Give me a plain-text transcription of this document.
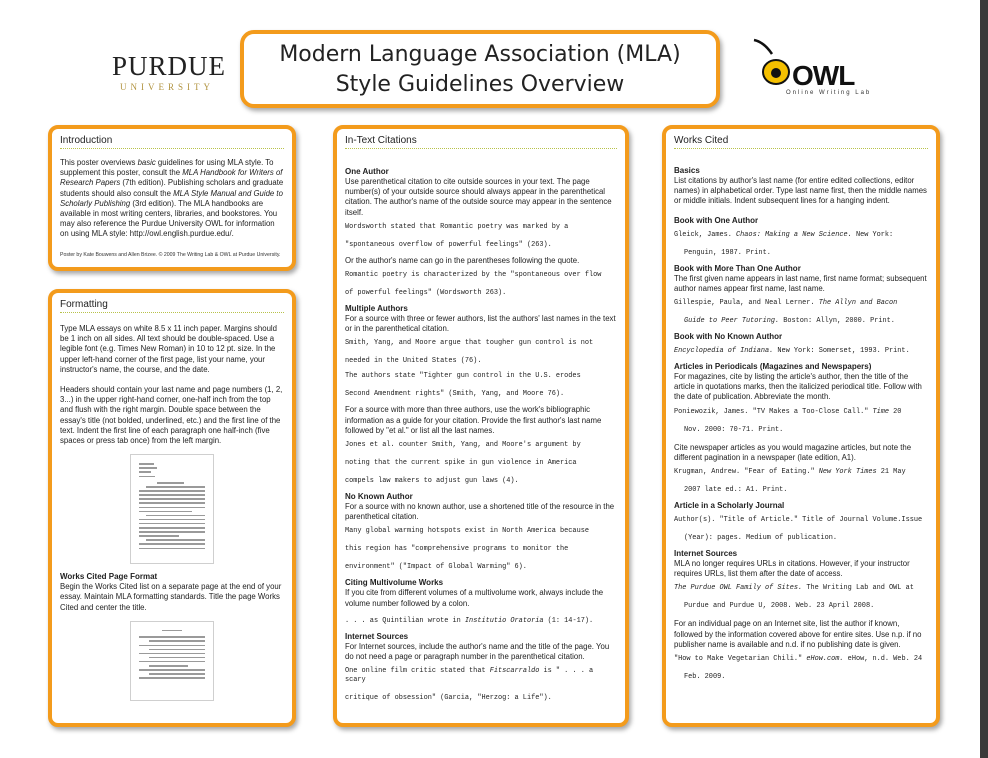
PURDUE
UNIVERSITY
Modern Language Association (MLA)
Style Guidelines Overview	OWL
Online Writing Lab
Introduction

This poster overviews basic guidelines for using MLA style. To supplement this poster, consult the MLA Handbook for Writers of Research Papers (7th edition). Publishing scholars and graduate students should also consult the MLA Style Manual and Guide to Scholarly Publishing (3rd edition). The MLA handbooks are available in most writing centers, libraries, and bookstores. You may also reference the Purdue University OWL for information on using MLA style: http://owl.english.purdue.edu/.

Poster by Kate Bouwens and Allen Brizee. © 2009 The Writing Lab & OWL at Purdue University.
Formatting

Type MLA essays on white 8.5 x 11 inch paper. Margins should be 1 inch on all sides. All text should be double-spaced. Use a legible font (e.g. Times New Roman) in 10 to 12 pt. size. In the upper left-hand corner of the first page, list your name, your instructor's name, the course, and the date.

Headers should contain your last name and page numbers (1, 2, 3...) in the upper right-hand corner, one-half inch from the top and flush with the right margin. Double space between the essay's title (not bolded, underlined, etc.) and the first line of the text. Indent the first line of each paragraph one half-inch (five spaces or press tab once) from the left margin.

Works Cited Page Format

Begin the Works Cited list on a separate page at the end of your essay. Maintain MLA formatting standards. Title the page Works Cited and center the title.

In-Text Citations
One Author

Use parenthetical citation to cite outside sources in your text. The page number(s) of your outside source should always appear in the parenthetical citation. The author's name of the outside source may appear in the sentence itself.

Wordsworth stated that Romantic poetry was marked by a
"spontaneous overflow of powerful feelings" (263).

Or the author's name can go in the parentheses following the quote.

Romantic poetry is characterized by the "spontaneous over flow
of powerful feelings" (Wordsworth 263).
Multiple Authors

For a source with three or fewer authors, list the authors' last names in the text or in the parenthetical citation.

Smith, Yang, and Moore argue that tougher gun control is not
needed in the United States (76).
The authors state "Tighter gun control in the U.S. erodes
Second Amendment rights" (Smith, Yang, and Moore 76).

For a source with more than three authors, use the work's bibliographic information as a guide for your citation. Provide the first author's last name followed by "et al." or list all the last names.

Jones et al. counter Smith, Yang, and Moore's argument by
noting that the current spike in gun violence in America
compels law makers to adjust gun laws (4).
No Known Author

For a source with no known author, use a shortened title of the resource in the parenthetical citation.

Many global warming hotspots exist in North America because
this region has "comprehensive programs to monitor the
environment" ("Impact of Global Warming" 6).
Citing Multivolume Works

If you cite from different volumes of a multivolume work, always include the volume number followed by a colon.

. . . as Quintilian wrote in Institutio Oratoria (1: 14-17).
Internet Sources

For Internet sources, include the author's name and the title of the page. You do not need a page or paragraph number in the parenthetical citation.

One online film critic stated that Fitscarraldo is " . . . a scary
critique of obsession" (Garcia, "Herzog: a Life").
Works Cited
Basics

List citations by author's last name (for entire edited collections, editor names) in alphabetical order. Type last name first, then the middle names or middle initials. Indent subsequent lines for a hanging indent.

Book with One Author
Gleick, James. Chaos: Making a New Science. New York:
Penguin, 1987. Print.
Book with More Than One Author

The first given name appears in last name, first name format; subsequent author names appear first name, last name.

Gillespie, Paula, and Neal Lerner. The Allyn and Bacon
Guide to Peer Tutoring. Boston: Allyn, 2000. Print.
Book with No Known Author
Encyclopedia of Indiana. New York: Somerset, 1993. Print.
Articles in Periodicals (Magazines and Newspapers)

For magazines, cite by listing the article's author, then the title of the article in quotations marks, then the italicized periodical title. Follow with the date of publication. Abbreviate the month.

Poniewozik, James. "TV Makes a Too-Close Call." Time 20
Nov. 2000: 70-71. Print.

Cite newspaper articles as you would magazine articles, but note the different pagination in a newspaper (late edition, A1).

Krugman, Andrew. "Fear of Eating." New York Times 21 May
2007 late ed.: A1. Print.
Article in a Scholarly Journal
Author(s). "Title of Article." Title of Journal Volume.Issue
(Year): pages. Medium of publication.
Internet Sources

MLA no longer requires URLs in citations. However, if your instructor requires URLs, list them after the date of access.

The Purdue OWL Family of Sites. The Writing Lab and OWL at
Purdue and Purdue U, 2008. Web. 23 April 2008.

For an individual page on an Internet site, list the author if known, followed by the information covered above for entire sites. Use n.p. if no publisher name is available and n.d. if no publishing date is given.

"How to Make Vegetarian Chili." eHow.com. eHow, n.d. Web. 24
Feb. 2009.
